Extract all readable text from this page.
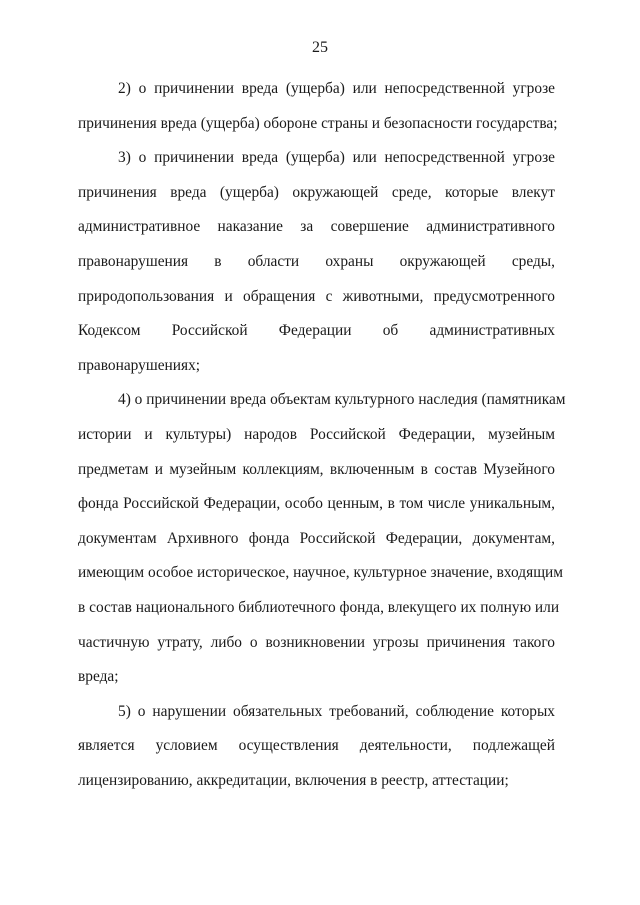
25
2) о причинении вреда (ущерба) или непосредственной угрозе
причинения вреда (ущерба) обороне страны и безопасности государства;
3) о причинении вреда (ущерба) или непосредственной угрозе
причинения вреда (ущерба) окружающей среде, которые влекут
административное наказание за совершение административного
правонарушения в области охраны окружающей среды,
природопользования и обращения с животными, предусмотренного
Кодексом Российской Федерации об административных
правонарушениях;
4) о причинении вреда объектам культурного наследия (памятникам
истории и культуры) народов Российской Федерации, музейным
предметам и музейным коллекциям, включенным в состав Музейного
фонда Российской Федерации, особо ценным, в том числе уникальным,
документам Архивного фонда Российской Федерации, документам,
имеющим особое историческое, научное, культурное значение, входящим
в состав национального библиотечного фонда, влекущего их полную или
частичную утрату, либо о возникновении угрозы причинения такого
вреда;
5) о нарушении обязательных требований, соблюдение которых
является условием осуществления деятельности, подлежащей
лицензированию, аккредитации, включения в реестр, аттестации;
